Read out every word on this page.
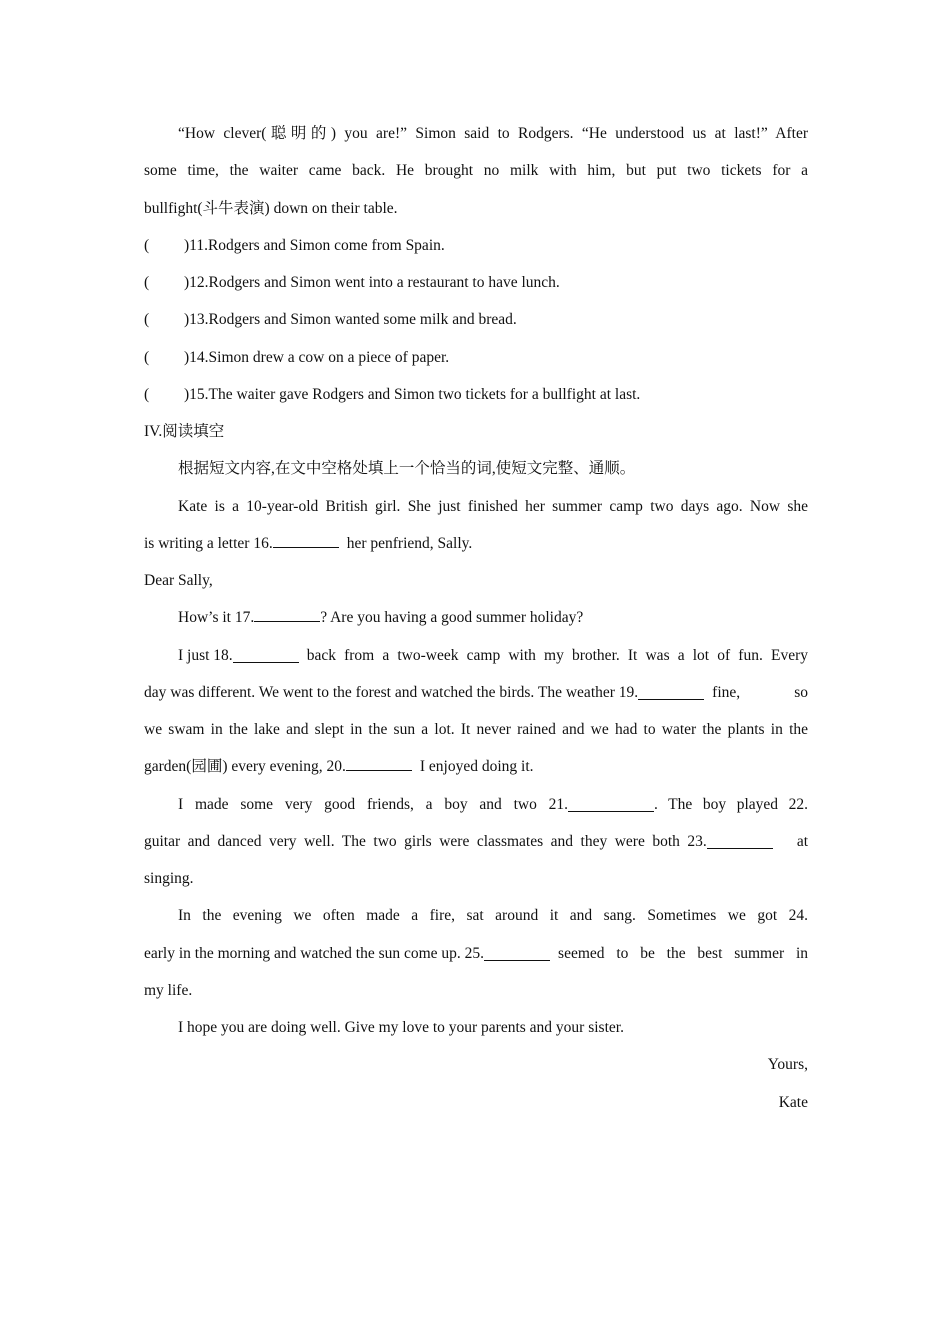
“How clever(聪明的) you are!” Simon said to Rodgers. “He understood us at last!” After
some time, the waiter came back. He brought no milk with him, but put two tickets for a
bullfight(斗牛表演) down on their table.
( )11.Rodgers and Simon come from Spain.
( )12.Rodgers and Simon went into a restaurant to have lunch.
( )13.Rodgers and Simon wanted some milk and bread.
( )14.Simon drew a cow on a piece of paper.
( )15.The waiter gave Rodgers and Simon two tickets for a bullfight at last.
IV.阅读填空
根据短文内容,在文中空格处填上一个恰当的词,使短文完整、通顺。
Kate is a 10-year-old British girl. She just finished her summer camp two days ago. Now she
is writing a letter 16.	her penfriend, Sally.
Dear Sally,
How’s it 17.	? Are you having a good summer holiday?
I just 18.	back from a two-week camp with my brother. It was a lot of fun. Every
day was different. We went to the forest and watched the birds. The weather 19.	fine, so
we swam in the lake and slept in the sun a lot. It never rained and we had to water the plants in the
garden(园圃) every evening, 20.	I enjoyed doing it.
I made some very good friends, a boy and two 21.	. The boy played 22.
guitar and danced very well. The two girls were classmates and they were both 23.	at
singing.
In the evening we often made a fire, sat around it and sang. Sometimes we got 24.
early in the morning and watched the sun come up. 25.	seemed to be the best summer in
my life.
I hope you are doing well. Give my love to your parents and your sister.
Yours,
Kate
